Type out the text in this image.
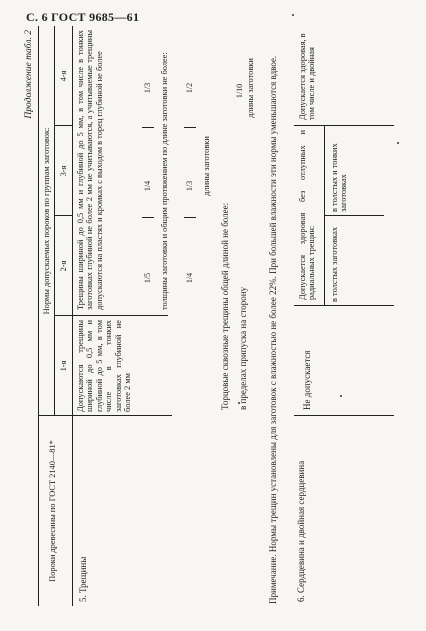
С. 6 ГОСТ 9685—61
Продолжение табл. 2
Пороки древесины по ГОСТ 2140—81*
Нормы допускаемых пороков по группам заготовок:
1-я
2-я
3-я
4-я
5. Трещины
Допускаются трещины шириной до 0,5 мм и глубиной до 5 мм, в том числе в тонких заготовках глубиной не более 2 мм
Трещины шириной до 0,5 мм и глубиной до 5 мм, в том числе в тонких заготовках глубиной не более 2 мм не учитываются, а учитываемые трещины допускаются на пластях и кромках с выходом в торец глубиной не более	1/5
1/4
1/3 толщины заготовки и общим протяжением по длине заготовки не более: 1/4
1/3
1/2
длины заготовки
Торцовые сквозные трещины общей длиной не более: в пределах припуска на сторону
1/10 длины заготовки Примечание. Нормы трещин установлены для заготовок с влажностью не более 22%. При большей влажности эти нормы уменьшаются вдвое. 6. Сердцевина и двойная сердцевина
Не допускается
Допускается здоровая без отлупных и радиальных трещин: в толстых заготовках
в толстых и тонких заготовках
Допускается здоровая, в том числе и двойная
